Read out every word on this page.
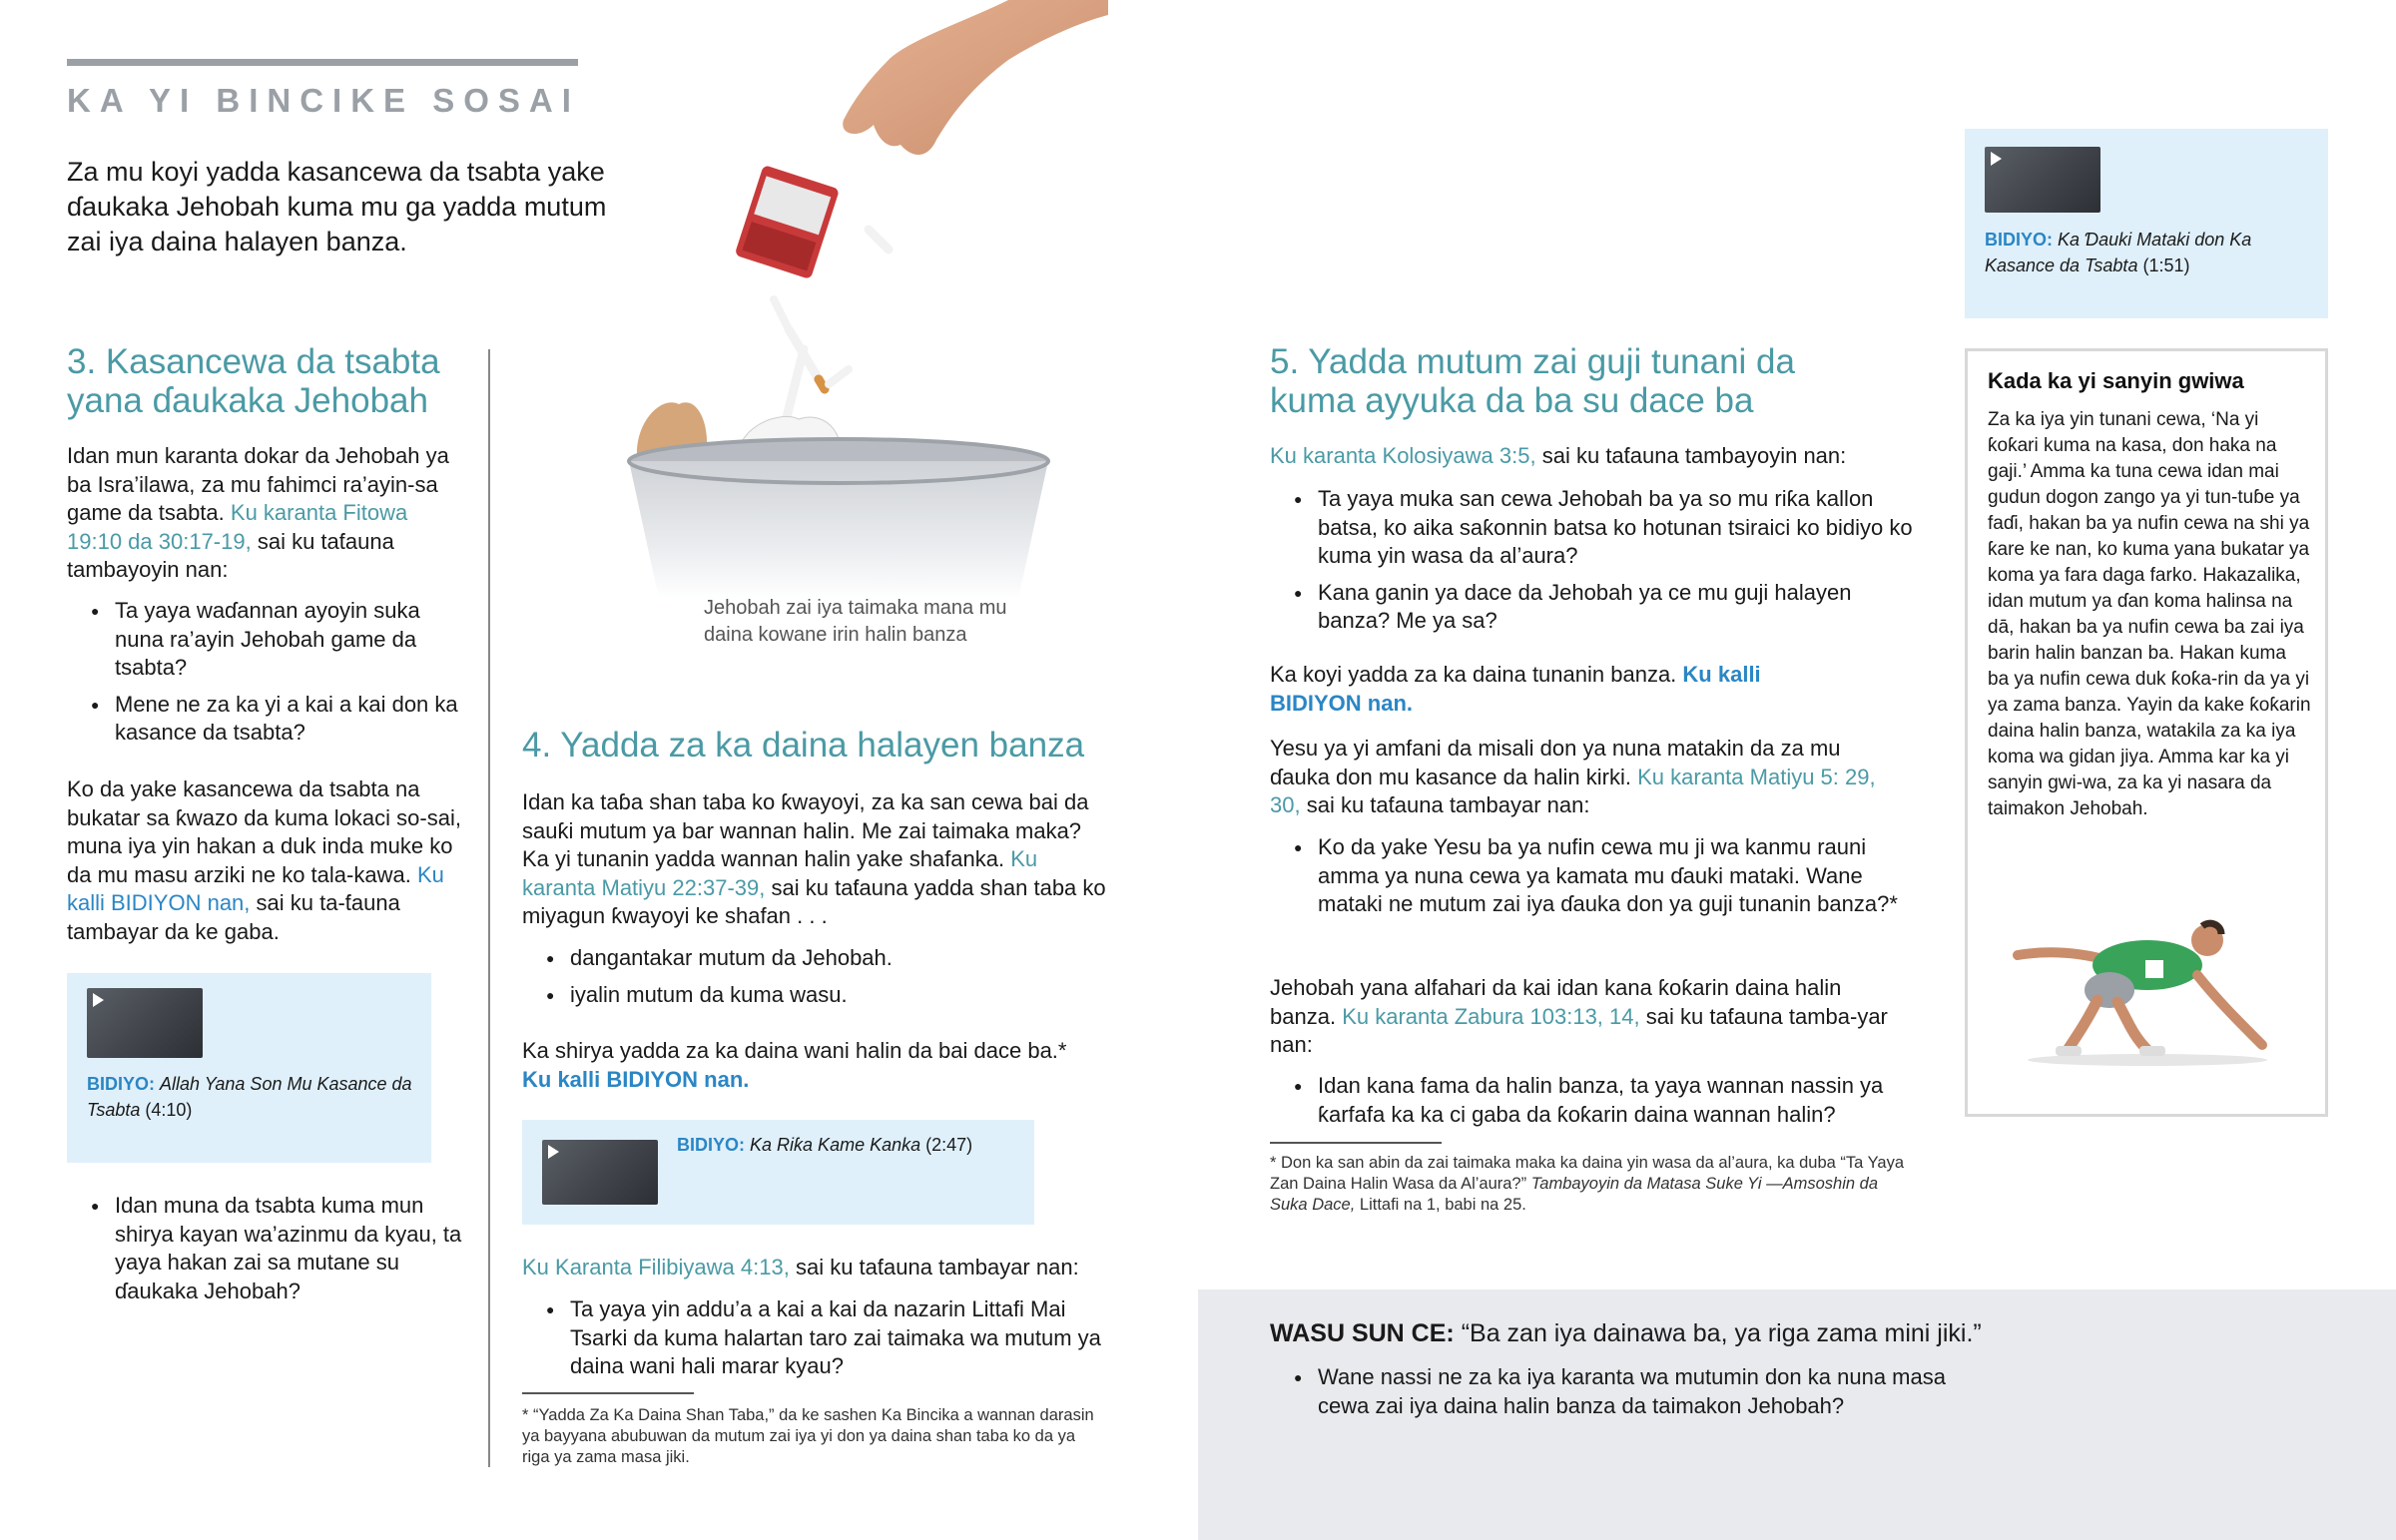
KA YI BINCIKE SOSAI

Za mu koyi yadda kasancewa da tsabta yake ɗaukaka Jehobah kuma mu ga yadda mutum zai iya daina halayen banza.

Jehobah zai iya taimaka mana mu daina kowane irin halin banza
3. Kasancewa da tsabta yana ɗaukaka Jehobah

Idan mun karanta dokar da Jehobah ya ba Isra’ilawa, za mu fahimci ra’ayin-sa game da tsabta. Ku karanta Fitowa 19:10 da 30:17-19, sai ku taƭauna tambayoyin nan:

● Ta yaya waɗannan ayoyin suka nuna ra’ayin Jehobah game da tsabta?
● Mene ne za ka yi a kai a kai don ka kasance da tsabta?

Ko da yake kasancewa da tsabta na bukatar sa ƙwazo da kuma lokaci so-sai, muna iya yin hakan a duk inda muke ko da mu masu arziki ne ko tala-kawa. Ku kalli BIDIYON nan, sai ku ta-ƭauna tambayar da ke gaba.

BIDIYO: Allah Yana Son Mu Kasance da Tsabta (4:10)
● Idan muna da tsabta kuma mun shirya kayan wa’azinmu da kyau, ta yaya hakan zai sa mutane su ɗaukaka Jehobah?
4. Yadda za ka daina halayen banza

Idan ka taɓa shan taba ko ƙwayoyi, za ka san cewa bai da sauƙi mutum ya bar wannan halin. Me zai taimaka maka? Ka yi tunanin yadda wannan halin yake shafanka. Ku karanta Matiyu 22:37-39, sai ku taƭauna yadda shan taba ko miyagun ƙwayoyi ke shafan . . .

● dangantakar mutum da Jehobah.
● iyalin mutum da kuma wasu.

Ka shirya yadda za ka daina wani halin da bai dace ba.*
Ku kalli BIDIYON nan.

BIDIYO: Ka Riƙa Kame Kanka (2:47)

Ku Karanta Filibiyawa 4:13, sai ku taƭauna tambayar nan:

● Ta yaya yin addu’a a kai a kai da nazarin Littafi Mai Tsarki da kuma halartan taro zai taimaka wa mutum ya daina wani hali marar kyau?

* “Yadda Za Ka Daina Shan Taba,” da ke sashen Ka Bincika a wannan darasin ya bayyana abubuwan da mutum zai iya yi don ya daina shan taba ko da ya riga ya zama masa jiki.

5. Yadda mutum zai guji tunani da kuma ayyuka da ba su dace ba

Ku karanta Kolosiyawa 3:5, sai ku taƭauna tambayoyin nan:

● Ta yaya muka san cewa Jehobah ba ya so mu riƙa kallon batsa, ko aika saƙonnin batsa ko hotunan tsiraici ko bidiyo ko kuma yin wasa da al’aura?
● Kana ganin ya dace da Jehobah ya ce mu guji halayen banza? Me ya sa?

Ka koyi yadda za ka daina tunanin banza. Ku kalli BIDIYON nan.

Yesu ya yi amfani da misali don ya nuna matakin da za mu ɗauka don mu kasance da halin kirki. Ku karanta Matiyu 5: 29, 30, sai ku taƭauna tambayar nan:

● Ko da yake Yesu ba ya nufin cewa mu ji wa kanmu rauni amma ya nuna cewa ya kamata mu ɗauki mataki. Wane mataki ne mutum zai iya ɗauka don ya guji tunanin banza?*

Jehobah yana alfahari da kai idan kana ƙoƙarin daina halin banza. Ku karanta Zabura 103:13, 14, sai ku taƭauna tamba-yar nan:

● Idan kana fama da halin banza, ta yaya wannan nassin ya ƙarfafa ka ka ci gaba da ƙoƙarin daina wannan halin?

* Don ka san abin da zai taimaka maka ka daina yin wasa da al’aura, ka duba “Ta Yaya Zan Daina Halin Wasa da Al’aura?” Tambayoyin da Matasa Suke Yi —Amsoshin da Suka Dace, Littafi na 1, babi na 25.

BIDIYO: Ka Ɗauki Mataki don Ka Kasance da Tsabta (1:51)
Kada ka yi sanyin gwiwa

Za ka iya yin tunani cewa, ‘Na yi ƙoƙari kuma na kasa, don haka na gaji.’ Amma ka tuna cewa idan mai gudun dogon zango ya yi tun-tuɓe ya faɗi, hakan ba ya nufin cewa na shi ya ƙare ke nan, ko kuma yana bukatar ya koma ya fara daga farko. Hakazalika, idan mutum ya ɗan koma halinsa na dā, hakan ba ya nufin cewa ba zai iya barin halin banzan ba. Hakan kuma ba ya nufin cewa duk ƙoƙa-rin da ya yi ya zama banza. Yayin da kake ƙoƙarin daina halin banza, watakila za ka iya koma wa gidan jiya. Amma kar ka yi sanyin gwi-wa, za ka yi nasara da taimakon Jehobah.

WASU SUN CE: “Ba zan iya dainawa ba, ya riga zama mini jiki.”

● Wane nassi ne za ka iya karanta wa mutumin don ka nuna masa cewa zai iya daina halin banza da taimakon Jehobah?
